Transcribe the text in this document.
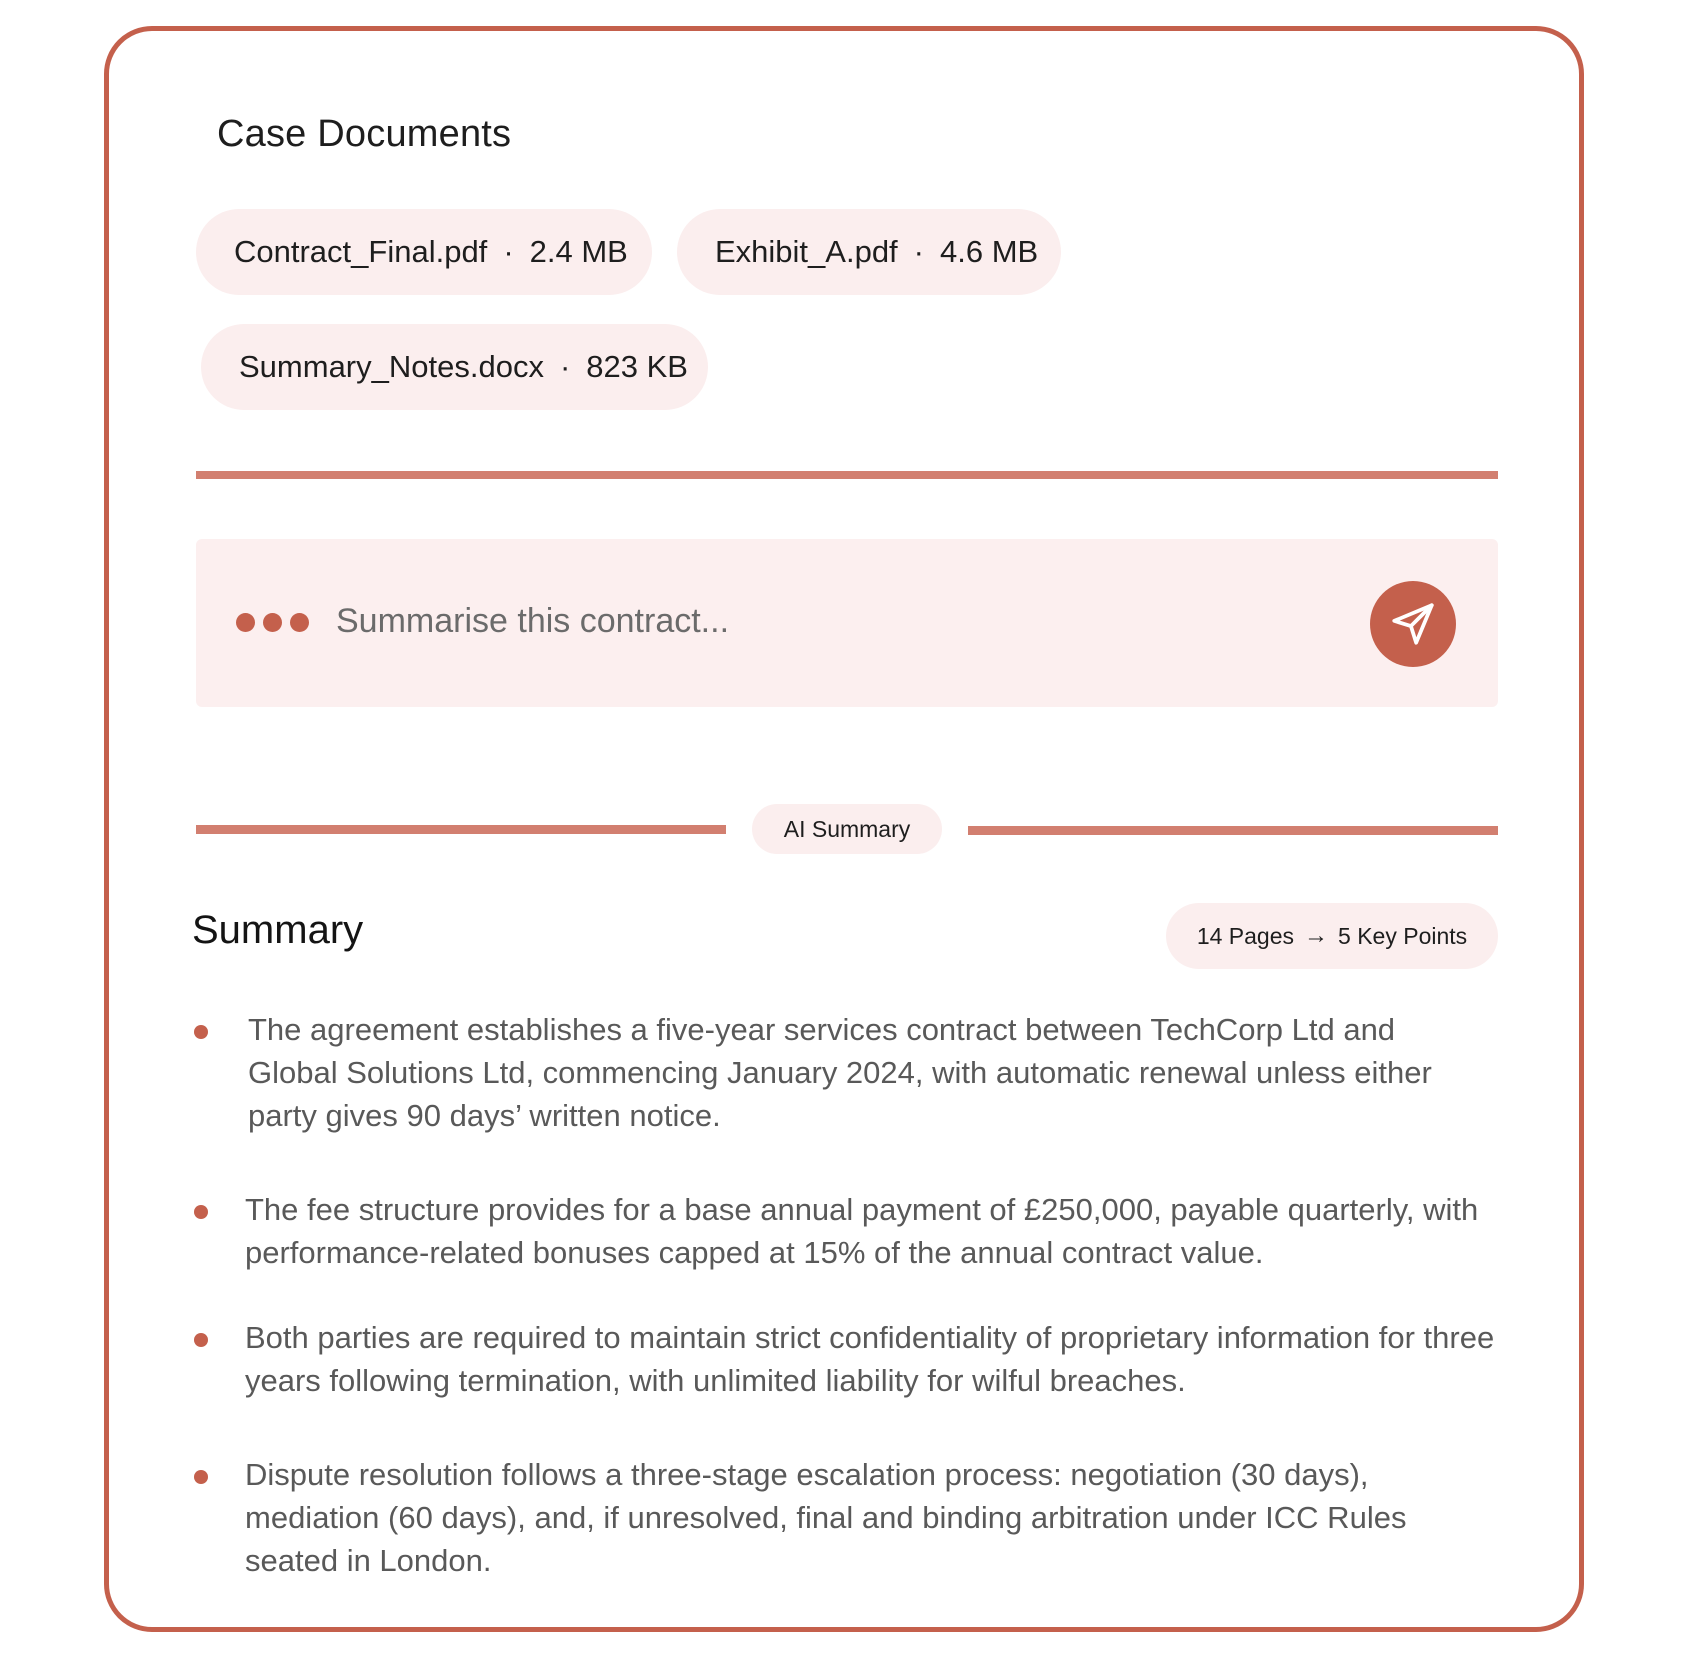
Case Documents
Contract_Final.pdf · 2.4 MB	Exhibit_A.pdf · 4.6 MB
Summary_Notes.docx · 823 KB
Summarise this contract...
AI Summary
Summary	14 Pages → 5 Key Points
The agreement establishes a five-year services contract between TechCorp Ltd and Global Solutions Ltd, commencing January 2024, with automatic renewal unless either party gives 90 days’ written notice.
The fee structure provides for a base annual payment of £250,000, payable quarterly, with performance-related bonuses capped at 15% of the annual contract value.
Both parties are required to maintain strict confidentiality of proprietary information for three years following termination, with unlimited liability for wilful breaches.
Dispute resolution follows a three-stage escalation process: negotiation (30 days), mediation (60 days), and, if unresolved, final and binding arbitration under ICC Rules seated in London.
